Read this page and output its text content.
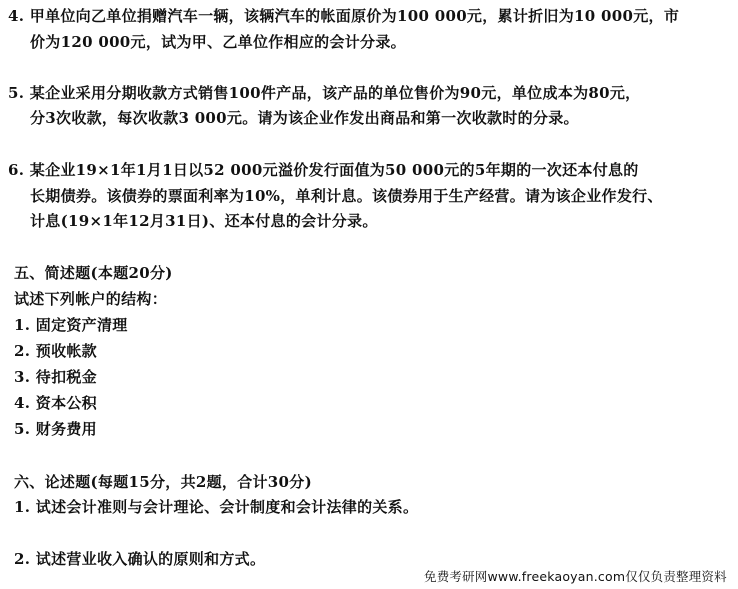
4. 甲单位向乙单位捐赠汽车一辆，该辆汽车的帐面原价为100 000元，累计折旧为10 000元，市
价为120 000元，试为甲、乙单位作相应的会计分录。
5. 某企业采用分期收款方式销售100件产品，该产品的单位售价为90元，单位成本为80元，
分3次收款，每次收款3 000元。请为该企业作发出商品和第一次收款时的分录。
6. 某企业19×1年1月1日以52 000元溢价发行面值为50 000元的5年期的一次还本付息的
长期债券。该债券的票面利率为10%，单利计息。该债券用于生产经营。请为该企业作发行、
计息(19×1年12月31日)、还本付息的会计分录。
五、简述题(本题20分)
试述下列帐户的结构：
1. 固定资产清理
2. 预收帐款
3. 待扣税金
4. 资本公积
5. 财务费用
六、论述题(每题15分，共2题，合计30分)
1. 试述会计准则与会计理论、会计制度和会计法律的关系。
2. 试述营业收入确认的原则和方式。
免费考研网www.freekaoyan.com仅仅负责整理资料
